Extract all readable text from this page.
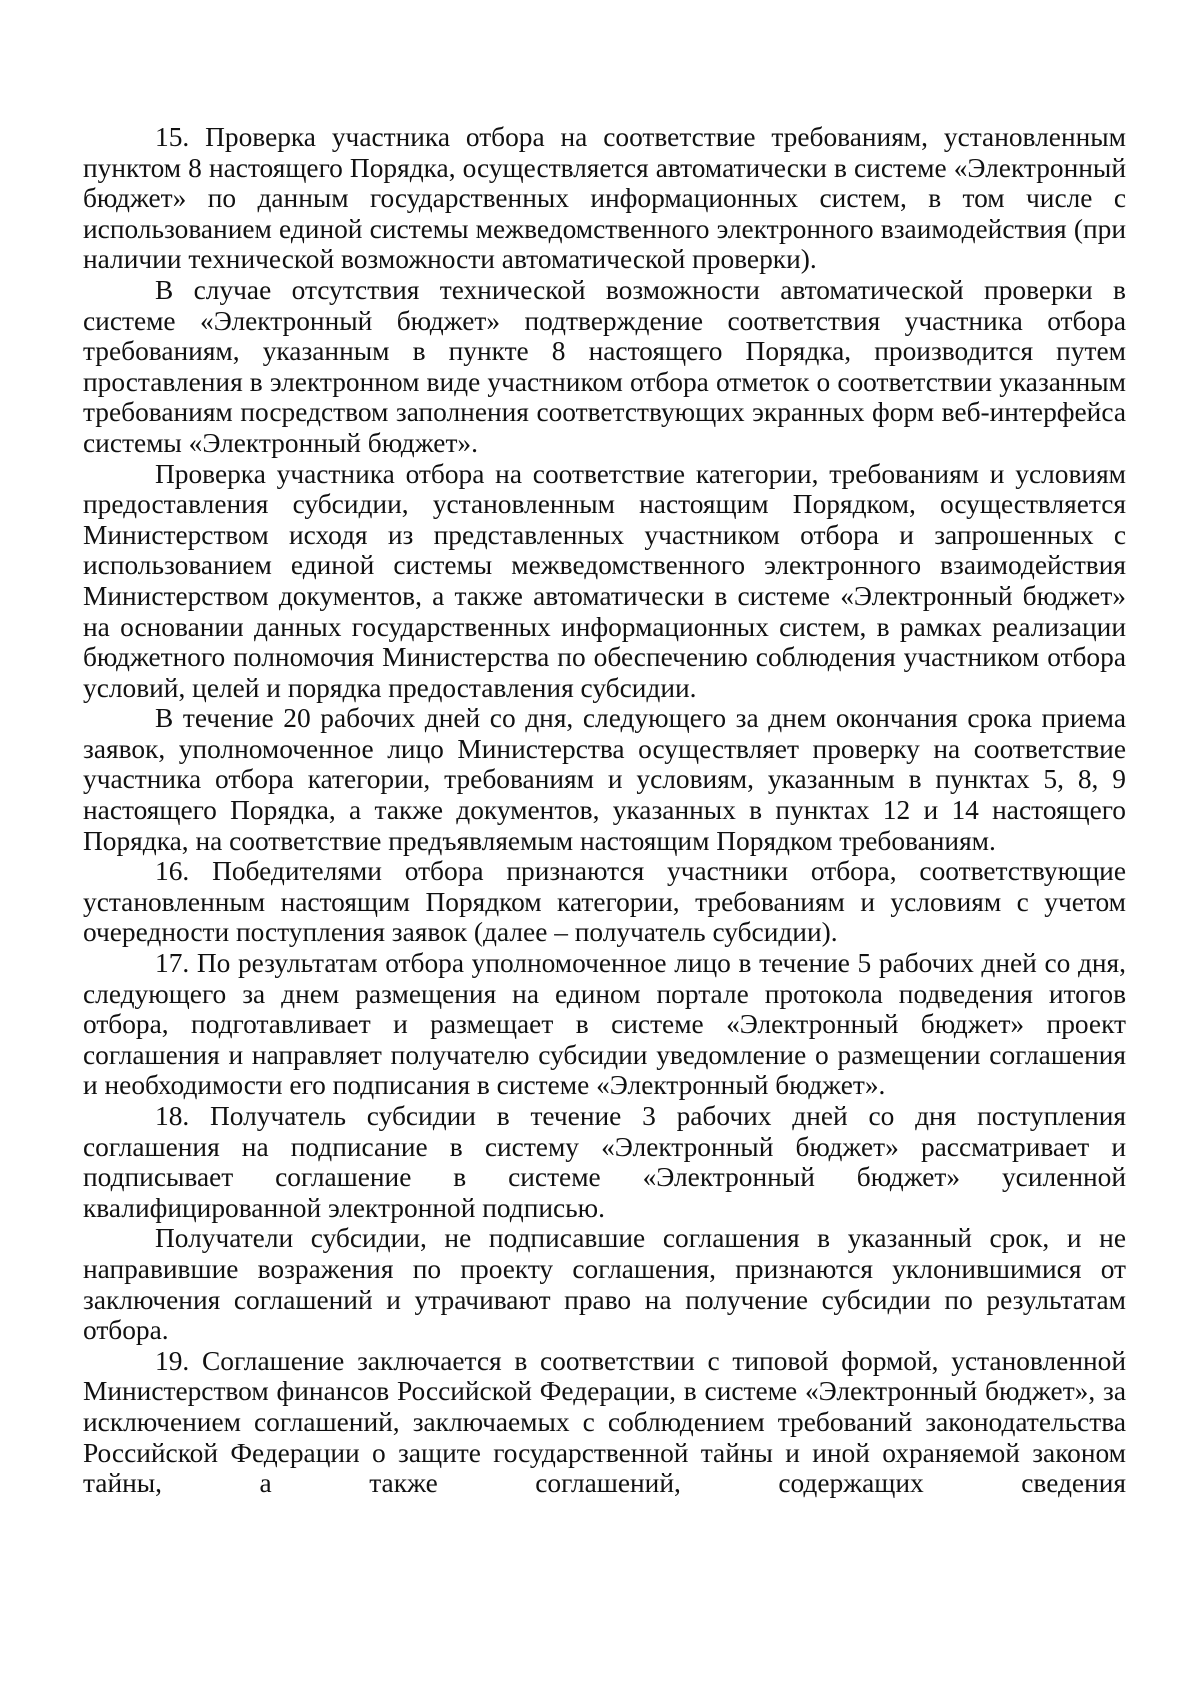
15. Проверка участника отбора на соответствие требованиям, установленным пунктом 8 настоящего Порядка, осуществляется автоматически в системе «Электронный бюджет» по данным государственных информационных систем, в том числе с использованием единой системы межведомственного электронного взаимодействия (при наличии технической возможности автоматической проверки).

В случае отсутствия технической возможности автоматической проверки в системе «Электронный бюджет» подтверждение соответствия участника отбора требованиям, указанным в пункте 8 настоящего Порядка, производится путем проставления в электронном виде участником отбора отметок о соответствии указанным требованиям посредством заполнения соответствующих экранных форм веб-интерфейса системы «Электронный бюджет».

Проверка участника отбора на соответствие категории, требованиям и условиям предоставления субсидии, установленным настоящим Порядком, осуществляется Министерством исходя из представленных участником отбора и запрошенных с использованием единой системы межведомственного электронного взаимодействия Министерством документов, а также автоматически в системе «Электронный бюджет» на основании данных государственных информационных систем, в рамках реализации бюджетного полномочия Министерства по обеспечению соблюдения участником отбора условий, целей и порядка предоставления субсидии.

В течение 20 рабочих дней со дня, следующего за днем окончания срока приема заявок, уполномоченное лицо Министерства осуществляет проверку на соответствие участника отбора категории, требованиям и условиям, указанным в пунктах 5, 8, 9 настоящего Порядка, а также документов, указанных в пунктах 12 и 14 настоящего Порядка, на соответствие предъявляемым настоящим Порядком требованиям.

16. Победителями отбора признаются участники отбора, соответствующие установленным настоящим Порядком категории, требованиям и условиям с учетом очередности поступления заявок (далее – получатель субсидии).

17. По результатам отбора уполномоченное лицо в течение 5 рабочих дней со дня, следующего за днем размещения на едином портале протокола подведения итогов отбора, подготавливает и размещает в системе «Электронный бюджет» проект соглашения и направляет получателю субсидии уведомление о размещении соглашения и необходимости его подписания в системе «Электронный бюджет».

18. Получатель субсидии в течение 3 рабочих дней со дня поступления соглашения на подписание в систему «Электронный бюджет» рассматривает и подписывает соглашение в системе «Электронный бюджет» усиленной квалифицированной электронной подписью.

Получатели субсидии, не подписавшие соглашения в указанный срок, и не направившие возражения по проекту соглашения, признаются уклонившимися от заключения соглашений и утрачивают право на получение субсидии по результатам отбора.

19. Соглашение заключается в соответствии с типовой формой, установленной Министерством финансов Российской Федерации, в системе «Электронный бюджет», за исключением соглашений, заключаемых с соблюдением требований законодательства Российской Федерации о защите государственной тайны и иной охраняемой законом тайны, а также соглашений, содержащих сведения
